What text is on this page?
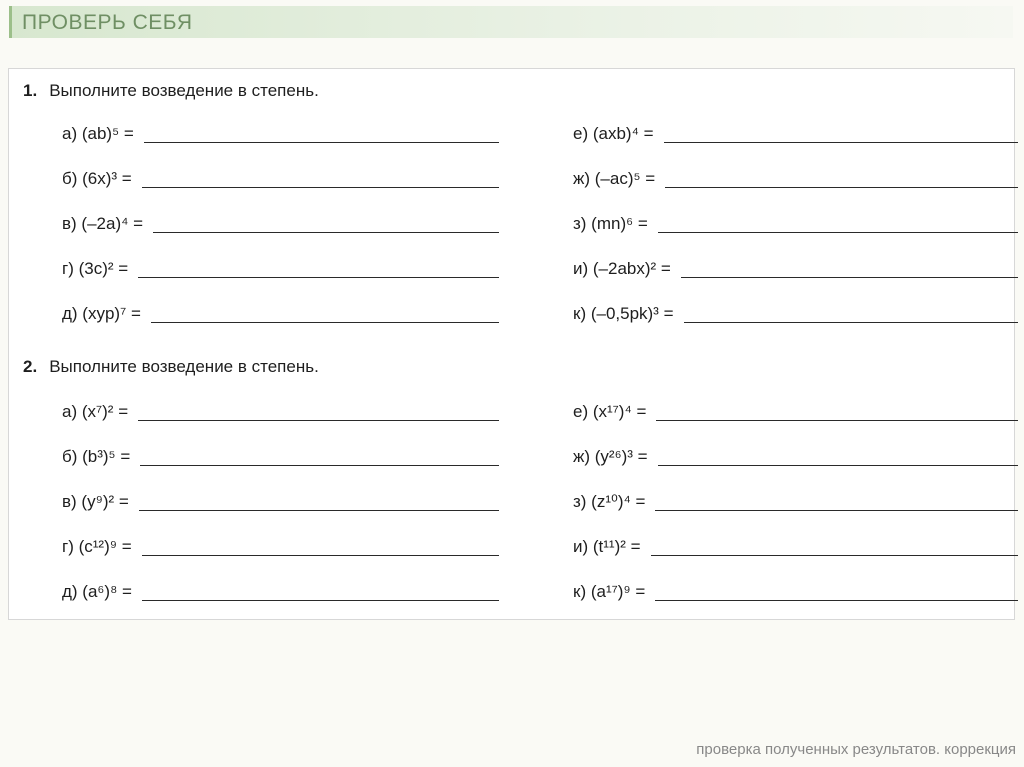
ПРОВЕРЬ СЕБЯ
1. Выполните возведение в степень.
а) (ab)⁵ =
б) (6x)³ =
в) (–2a)⁴ =
г) (3c)² =
д) (xyp)⁷ =
е) (axb)⁴ =
ж) (–ac)⁵ =
з) (mn)⁶ =
и) (–2abx)² =
к) (–0,5pk)³ =
2. Выполните возведение в степень.
а) (x⁷)² =
б) (b³)⁵ =
в) (y⁹)² =
г) (c¹²)⁹ =
д) (a⁶)⁸ =
е) (x¹⁷)⁴ =
ж) (y²⁶)³ =
з) (z¹⁰)⁴ =
и) (t¹¹)² =
к) (a¹⁷)⁹ =
проверка полученных результатов. коррекция
